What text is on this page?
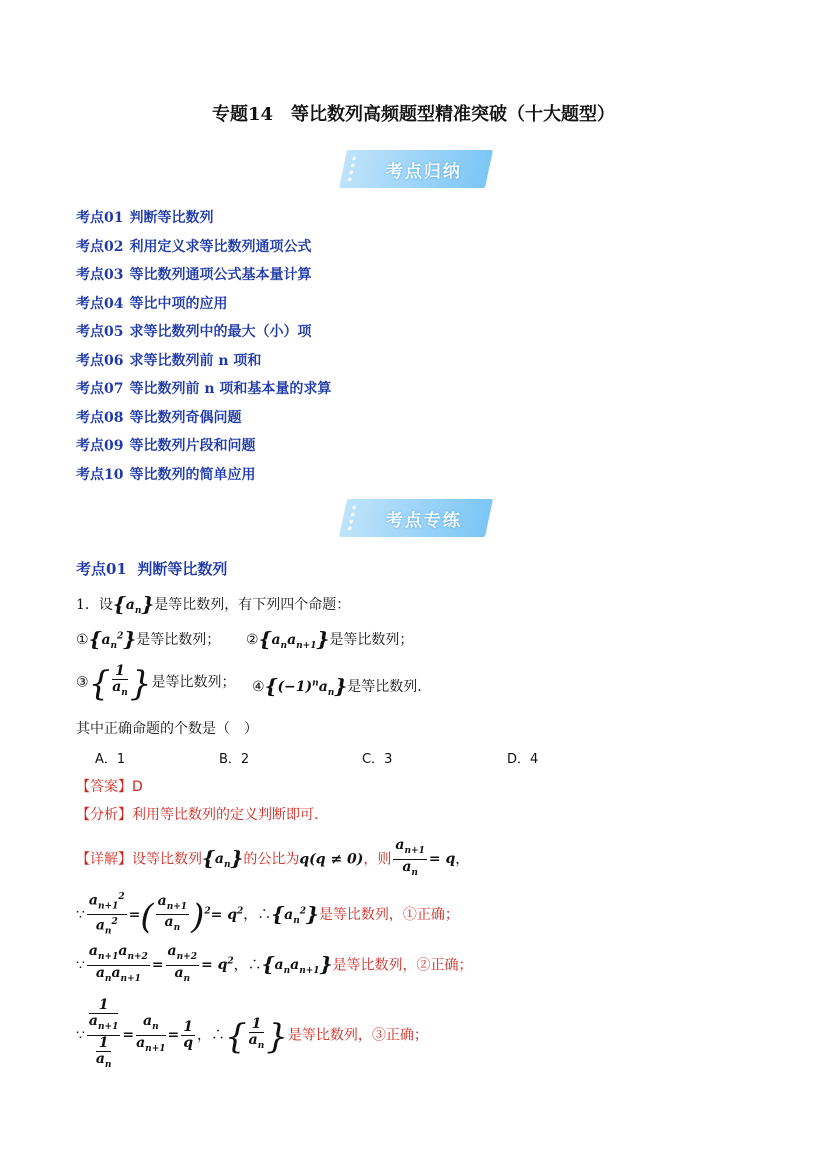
专题14　等比数列高频题型精准突破（十大题型）
考点归纳
考点01 判断等比数列
考点02 利用定义求等比数列通项公式
考点03 等比数列通项公式基本量计算
考点04 等比中项的应用
考点05 求等比数列中的最大（小）项
考点06 求等比数列前 n 项和
考点07 等比数列前 n 项和基本量的求算
考点08 等比数列奇偶问题
考点09 等比数列片段和问题
考点10 等比数列的简单应用
考点专练
考点01 判断等比数列
1．设$\{a_n\}$是等比数列，有下列四个命题：
$①\{a_n^2\}$是等比数列； $②\{a_na_{n+1}\}$是等比数列；
③{ $\frac{1}{a_n}$ }是等比数列； $④\{(-1)^na_n\}$是等比数列.
其中正确命题的个数是（　）
A．1	B．2	C．3	D．4
【答案】D
【分析】利用等比数列的定义判断即可.
【详解】设等比数列$\{a_n\}$的公比为q(q ≠ 0)，则 $\frac{a_{n+1}}{a_n} = q$，
∵ $\frac{a_{n+1}^2}{a_n^2}$ =( $\frac{a_{n+1}}{a_n} )^2= q^2$，$\therefore\{a_n^2\}$是等比数列，①正确；
∵ $\frac{a_{n+1}a_{n+2}}{a_na_{n+1}} = \frac{a_{n+2}}{a_n} = q^2$，$\therefore\{a_na_{n+1}\}$是等比数列，②正确；
∵ $\frac{\frac{1}{a_{n+1}}}{\frac{1}{a_n}} = \frac{a_n}{a_{n+1}} = \frac{1}{q}$ ，∴{ $\frac{1}{a_n}$ }是等比数列，③正确；
